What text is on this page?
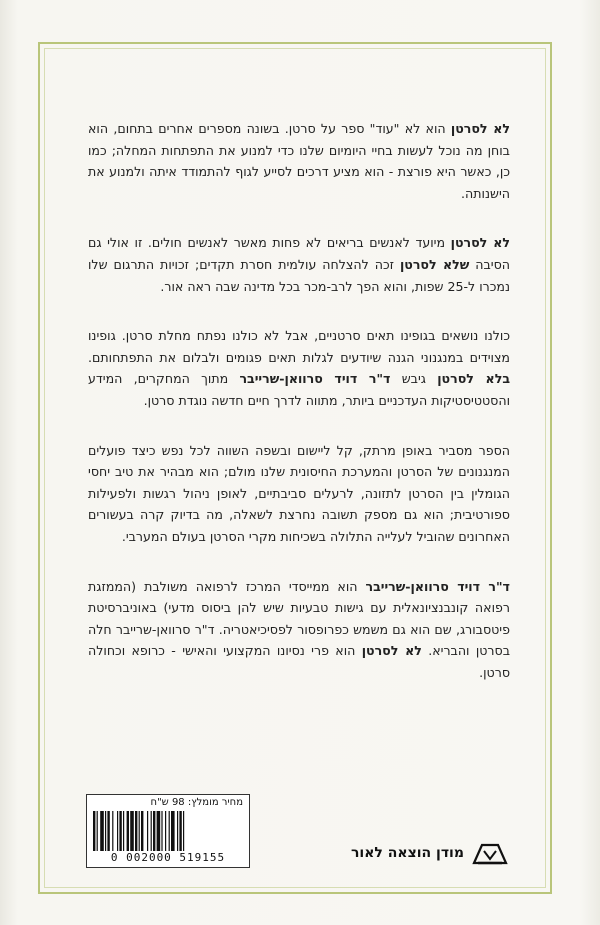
לא לסרטן הוא לא "עוד" ספר על סרטן. בשונה מספרים אחרים בתחום, הוא בוחן מה נוכל לעשות בחיי היומיום שלנו כדי למנוע את התפתחות המחלה; כמו כן, כאשר היא פורצת - הוא מציע דרכים לסייע לגוף להתמודד איתה ולמנוע את הישנותה.

לא לסרטן מיועד לאנשים בריאים לא פחות מאשר לאנשים חולים. זו אולי גם הסיבה שלא לסרטן זכה להצלחה עולמית חסרת תקדים; זכויות התרגום שלו נמכרו ל-25 שפות, והוא הפך לרב-מכר בכל מדינה שבה ראה אור.

כולנו נושאים בגופינו תאים סרטניים, אבל לא כולנו נפתח מחלת סרטן. גופינו מצוידים במנגנוני הגנה שיודעים לגלות תאים פגומים ולבלום את התפתחותם. בלא לסרטן גיבש ד"ר דויד סרוואן-שרייבר מתוך המחקרים, המידע והסטטיסטיקות העדכניים ביותר, מתווה לדרך חיים חדשה נוגדת סרטן.

הספר מסביר באופן מרתק, קל ליישום ובשפה השווה לכל נפש כיצד פועלים המנגנונים של הסרטן והמערכת החיסונית שלנו מולם; הוא מבהיר את טיב יחסי הגומלין בין הסרטן לתזונה, לרעלים סביבתיים, לאופן ניהול רגשות ולפעילות ספורטיבית; הוא גם מספק תשובה נחרצת לשאלה, מה בדיוק קרה בעשורים האחרונים שהוביל לעלייה התלולה בשכיחות מקרי הסרטן בעולם המערבי.

ד"ר דויד סרוואן-שרייבר הוא ממייסדי המרכז לרפואה משולבת (הממזגת רפואה קונבנציונאלית עם גישות טבעיות שיש להן ביסוס מדעי) באוניברסיטת פיטסבורג, שם הוא גם משמש כפרופסור לפסיכיאטריה. ד"ר סרוואן-שרייבר חלה בסרטן והבריא. לא לסרטן הוא פרי נסיונו המקצועי והאישי - כרופא וכחולה סרטן.

מחיר מומלץ: 98 ש"ח
0 002000 519155	מודן הוצאה לאור
